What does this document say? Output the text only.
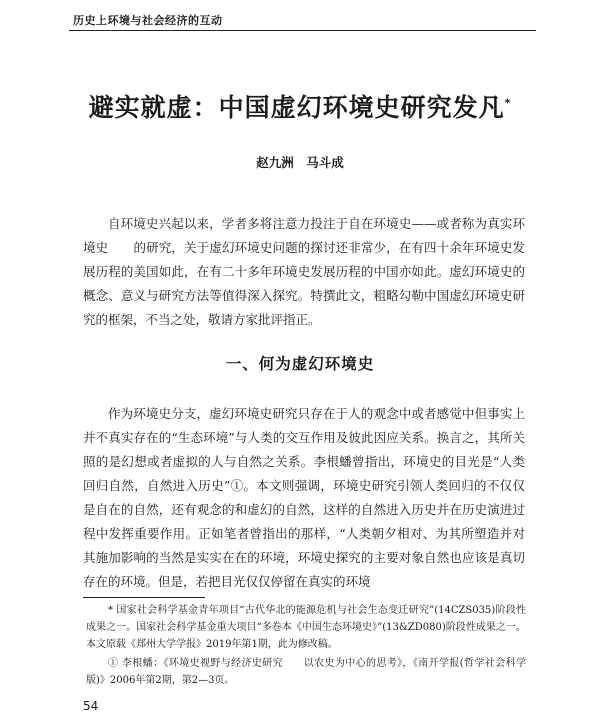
历史上环境与社会经济的互动
避实就虚：中国虚幻环境史研究发凡*
赵九洲　马斗成

自环境史兴起以来，学者多将注意力投注于自在环境史——或者称为真实环境史　　的研究，关于虚幻环境史问题的探讨还非常少，在有四十余年环境史发展历程的美国如此，在有二十多年环境史发展历程的中国亦如此。虚幻环境史的概念、意义与研究方法等值得深入探究。特撰此文，粗略勾勒中国虚幻环境史研究的框架，不当之处，敬请方家批评指正。

一、何为虚幻环境史

作为环境史分支，虚幻环境史研究只存在于人的观念中或者感觉中但事实上并不真实存在的“生态环境”与人类的交互作用及彼此因应关系。换言之，其所关照的是幻想或者虚拟的人与自然之关系。李根蟠曾指出，环境史的目光是“人类回归自然，自然进入历史”①。本文则强调，环境史研究引领人类回归的不仅仅是自在的自然，还有观念的和虚幻的自然，这样的自然进入历史并在历史演进过程中发挥重要作用。正如笔者曾指出的那样，“人类朝夕相对、为其所塑造并对其施加影响的当然是实实在在的环境，环境史探究的主要对象自然也应该是真切存在的环境。但是，若把目光仅仅停留在真实的环境

* 国家社会科学基金青年项目“古代华北的能源危机与社会生态变迁研究”(14CZS035)阶段性成果之一。国家社会科学基金重大项目“多卷本《中国生态环境史》”(13&ZD080)阶段性成果之一。本文原载《郑州大学学报》2019年第1期，此为修改稿。

① 李根蟠：《环境史视野与经济史研究　　以农史为中心的思考》，《南开学报(哲学社会科学版)》2006年第2期，第2—3页。

54
